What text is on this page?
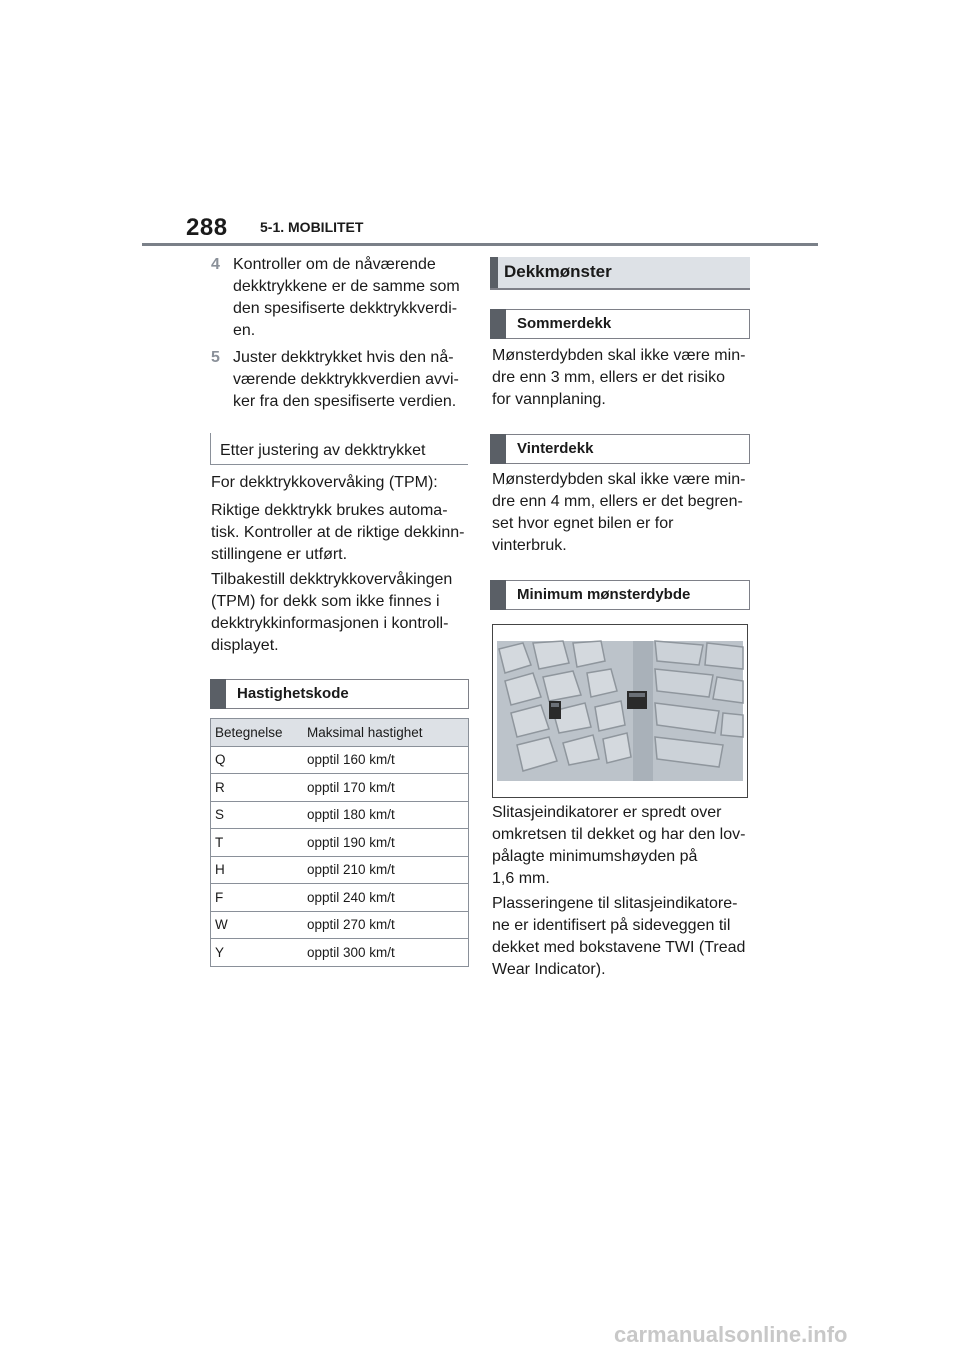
288 5-1. MOBILITET
4 Kontroller om de nåværende
dekktrykkene er de samme som
den spesifiserte dekktrykkverdi-
en.
5 Juster dekktrykket hvis den nå-
værende dekktrykkverdien avvi-
ker fra den spesifiserte verdien.
Etter justering av dekktrykket
For dekktrykkovervåking (TPM):
Riktige dekktrykk brukes automa-
tisk. Kontroller at de riktige dekkinn-
stillingene er utført.
Tilbakestill dekktrykkovervåkingen
(TPM) for dekk som ikke finnes i
dekktrykkinformasjonen i kontroll-
displayet.
Hastighetskode
Betegnelse	Maksimal hastighet
Q	opptil 160 km/t
R	opptil 170 km/t
S	opptil 180 km/t
T	opptil 190 km/t
H	opptil 210 km/t
F	opptil 240 km/t
W	opptil 270 km/t
Y	opptil 300 km/t
Dekkmønster
Sommerdekk
Mønsterdybden skal ikke være min-
dre enn 3 mm, ellers er det risiko
for vannplaning.
Vinterdekk
Mønsterdybden skal ikke være min-
dre enn 4 mm, ellers er det begren-
set hvor egnet bilen er for
vinterbruk.
Minimum mønsterdybde
Slitasjeindikatorer er spredt over
omkretsen til dekket og har den lov-
pålagte minimumshøyden på
1,6 mm.
Plasseringene til slitasjeindikatore-
ne er identifisert på sideveggen til
dekket med bokstavene TWI (Tread
Wear Indicator).
carmanualsonline.info
